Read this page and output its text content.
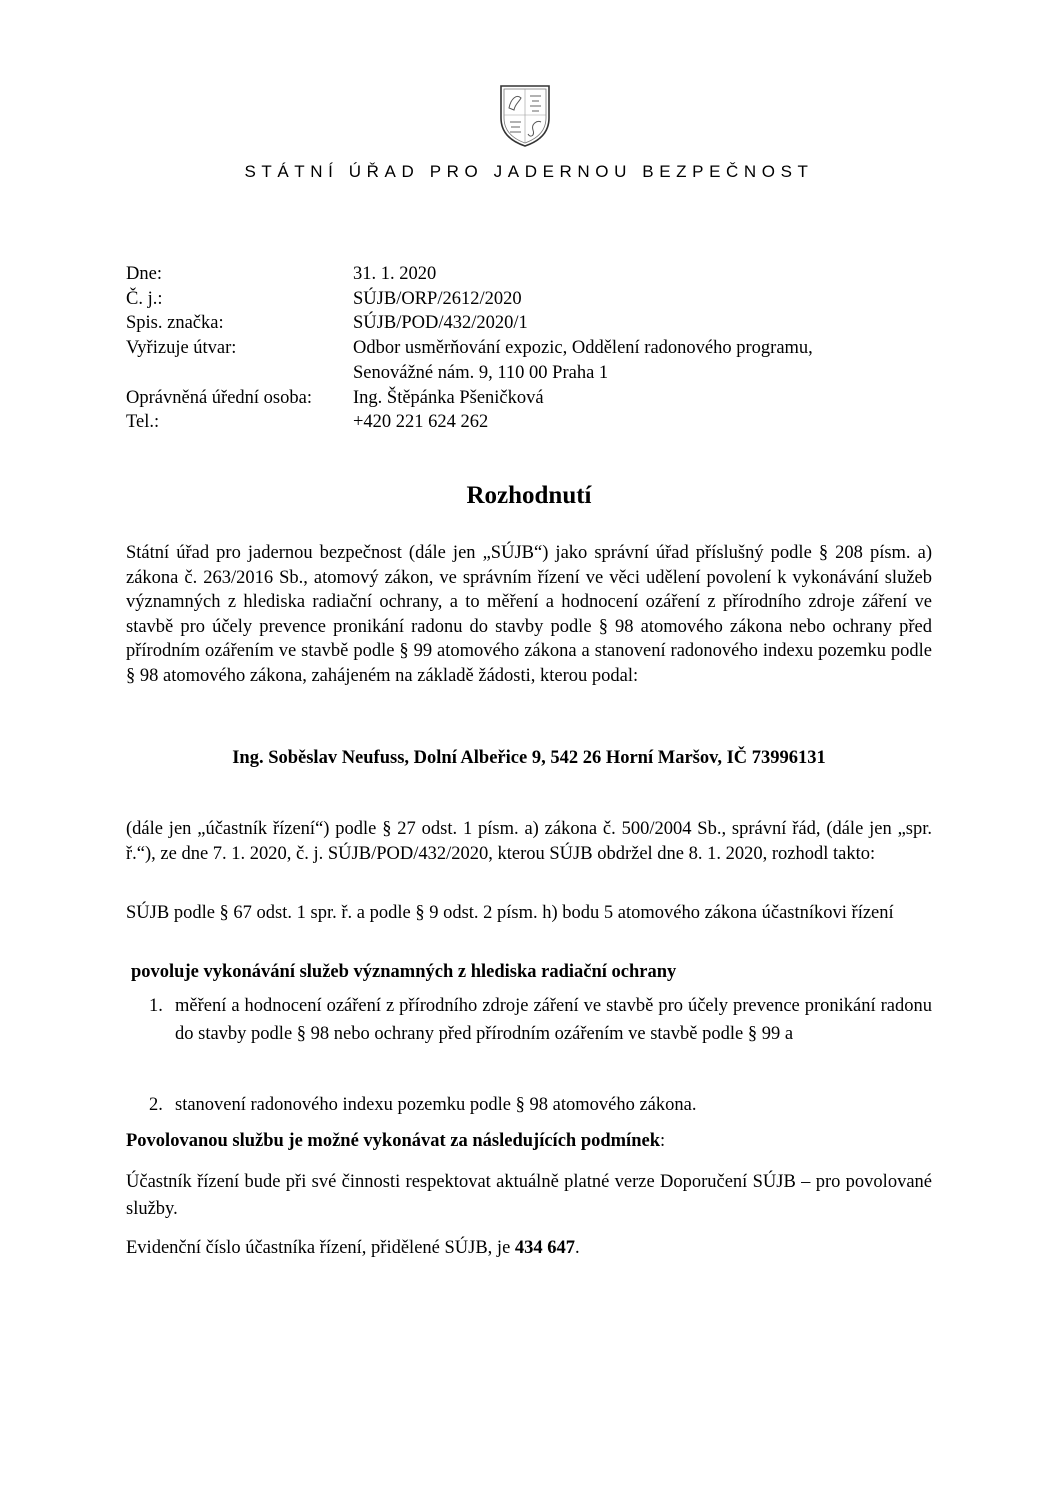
STÁTNÍ ÚŘAD PRO JADERNOU BEZPEČNOST
Dne:	31. 1. 2020
Č. j.:	SÚJB/ORP/2612/2020
Spis. značka:	SÚJB/POD/432/2020/1
Vyřizuje útvar:	Odbor usměrňování expozic, Oddělení radonového programu,
Senovážné nám. 9, 110 00 Praha 1
Oprávněná úřední osoba:	Ing. Štěpánka Pšeničková
Tel.:	+420 221 624 262
Rozhodnutí
Státní úřad pro jadernou bezpečnost (dále jen „SÚJB“) jako správní úřad příslušný podle § 208 písm. a) zákona č. 263/2016 Sb., atomový zákon, ve správním řízení ve věci udělení povolení k vykonávání služeb významných z hlediska radiační ochrany, a to měření a hodnocení ozáření z přírodního zdroje záření ve stavbě pro účely prevence pronikání radonu do stavby podle § 98 atomového zákona nebo ochrany před přírodním ozářením ve stavbě podle § 99 atomového zákona a stanovení radonového indexu pozemku podle § 98 atomového zákona, zahájeném na základě žádosti, kterou podal:
Ing. Soběslav Neufuss, Dolní Albeřice 9, 542 26 Horní Maršov, IČ 73996131
(dále jen „účastník řízení“) podle § 27 odst. 1 písm. a) zákona č. 500/2004 Sb., správní řád, (dále jen „spr. ř.“), ze dne 7. 1. 2020, č. j. SÚJB/POD/432/2020, kterou SÚJB obdržel dne 8. 1. 2020, rozhodl takto:
SÚJB podle § 67 odst. 1 spr. ř. a podle § 9 odst. 2 písm. h) bodu 5 atomového zákona účastníkovi řízení
povoluje vykonávání služeb významných z hlediska radiační ochrany
1. měření a hodnocení ozáření z přírodního zdroje záření ve stavbě pro účely prevence pronikání radonu do stavby podle § 98 nebo ochrany před přírodním ozářením ve stavbě podle § 99 a
2. stanovení radonového indexu pozemku podle § 98 atomového zákona.
Povolovanou službu je možné vykonávat za následujících podmínek:
Účastník řízení bude při své činnosti respektovat aktuálně platné verze Doporučení SÚJB – pro povolované služby.
Evidenční číslo účastníka řízení, přidělené SÚJB, je 434 647.
